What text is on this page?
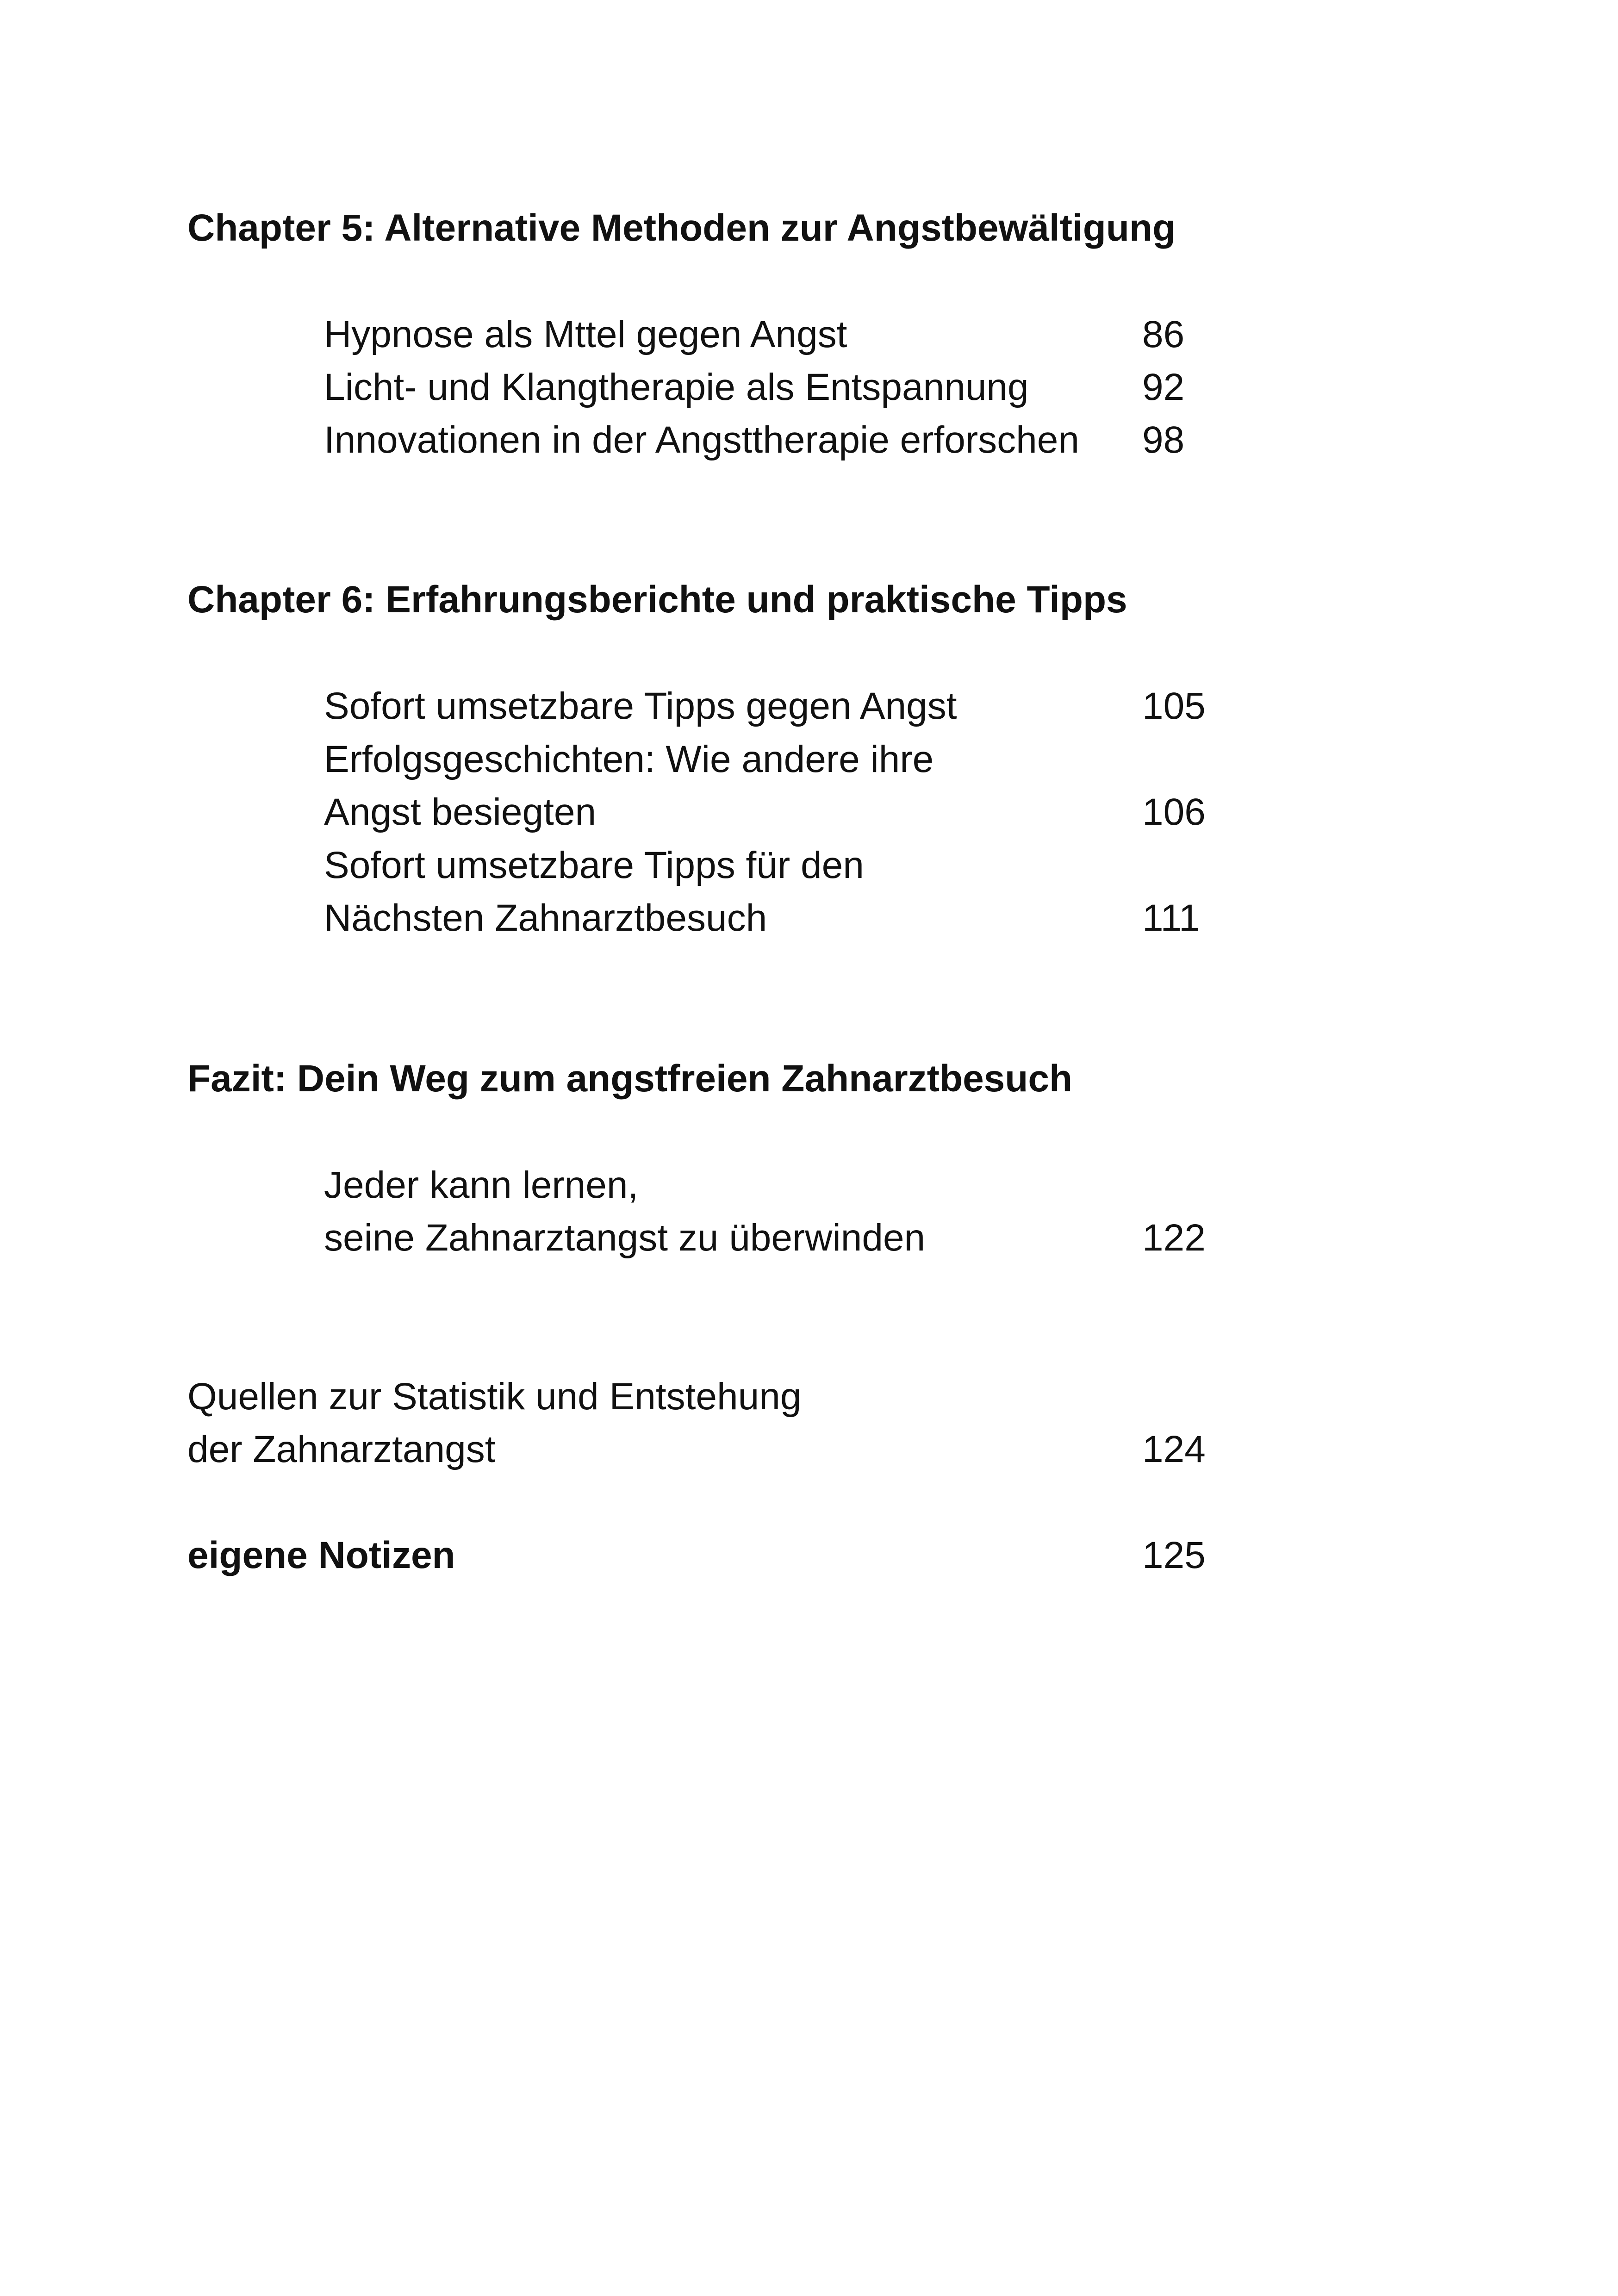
Chapter 5: Alternative Methoden zur Angstbewältigung
Hypnose als Mttel gegen Angst	86
Licht- und Klangtherapie als Entspannung	92
Innovationen in der Angsttherapie erforschen 98
Chapter 6: Erfahrungsberichte und praktische Tipps
Sofort umsetzbare Tipps gegen Angst	105
Erfolgsgeschichten: Wie andere ihre
Angst besiegten	106
Sofort umsetzbare Tipps für den
Nächsten Zahnarztbesuch	111
Fazit: Dein Weg zum angstfreien Zahnarztbesuch
Jeder kann lernen,
seine Zahnarztangst zu überwinden	122
Quellen zur Statistik und Entstehung
der Zahnarztangst	124
eigene Notizen	125
